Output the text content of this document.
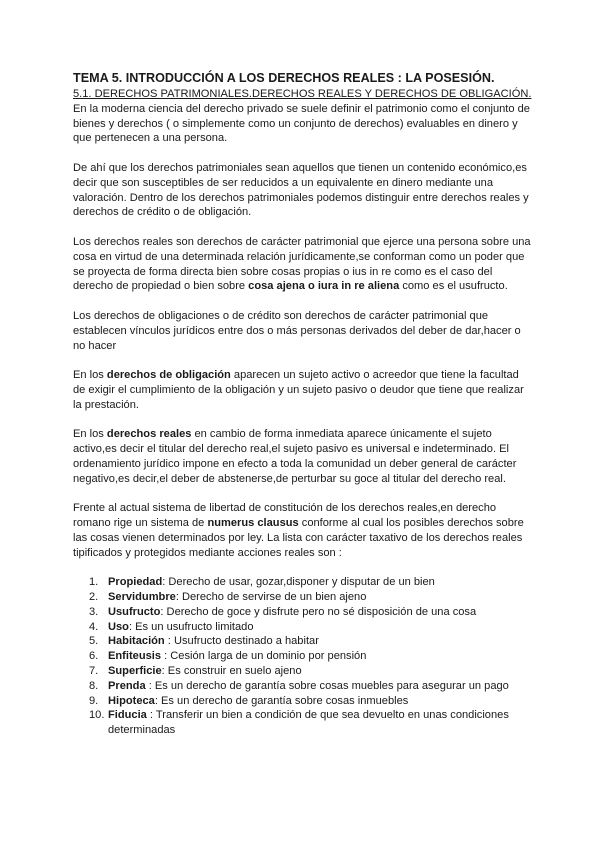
TEMA 5. INTRODUCCIÓN A LOS DERECHOS REALES : LA POSESIÓN.
5.1. DERECHOS PATRIMONIALES.DERECHOS REALES Y DERECHOS DE OBLIGACIÓN.

En la moderna ciencia del derecho privado se suele definir el patrimonio como el conjunto de bienes y derechos ( o simplemente como un conjunto de derechos) evaluables en dinero y que pertenecen a una persona.

De ahí que los derechos patrimoniales sean aquellos que tienen un contenido económico,es decir que son susceptibles de ser reducidos a un equivalente en dinero mediante una valoración. Dentro de los derechos patrimoniales podemos distinguir entre derechos reales y derechos de crédito o de obligación.

Los derechos reales son derechos de carácter patrimonial que ejerce una persona sobre una cosa en virtud de una determinada relación jurídicamente,se conforman como un poder que se proyecta de forma directa bien sobre cosas propias o ius in re como es el caso del derecho de propiedad o bien sobre cosa ajena o iura in re aliena como es el usufructo.

Los derechos de obligaciones o de crédito son derechos de carácter patrimonial que establecen vínculos jurídicos entre dos o más personas derivados del deber de dar,hacer o no hacer

En los derechos de obligación aparecen un sujeto activo o acreedor que tiene la facultad de exigir el cumplimiento de la obligación y un sujeto pasivo o deudor que tiene que realizar la prestación.

En los derechos reales en cambio de forma inmediata aparece únicamente el sujeto activo,es decir el titular del derecho real,el sujeto pasivo es universal e indeterminado. El ordenamiento jurídico impone en efecto a toda la comunidad un deber general de carácter negativo,es decir,el deber de abstenerse,de perturbar su goce al titular del derecho real.

Frente al actual sistema de libertad de constitución de los derechos reales,en derecho romano rige un sistema de numerus clausus conforme al cual los posibles derechos sobre las cosas vienen determinados por ley. La lista con carácter taxativo de los derechos reales tipificados y protegidos mediante acciones reales son :

1. Propiedad: Derecho de usar, gozar,disponer y disputar de un bien
2. Servidumbre: Derecho de servirse de un bien ajeno
3. Usufructo: Derecho de goce y disfrute pero no sé disposición de una cosa
4. Uso: Es un usufructo limitado
5. Habitación : Usufructo destinado a habitar
6. Enfiteusis : Cesión larga de un dominio por pensión
7. Superficie: Es construir en suelo ajeno
8. Prenda : Es un derecho de garantía sobre cosas muebles para asegurar un pago
9. Hipoteca: Es un derecho de garantía sobre cosas inmuebles
10. Fiducia : Transferir un bien a condición de que sea devuelto en unas condiciones determinadas
